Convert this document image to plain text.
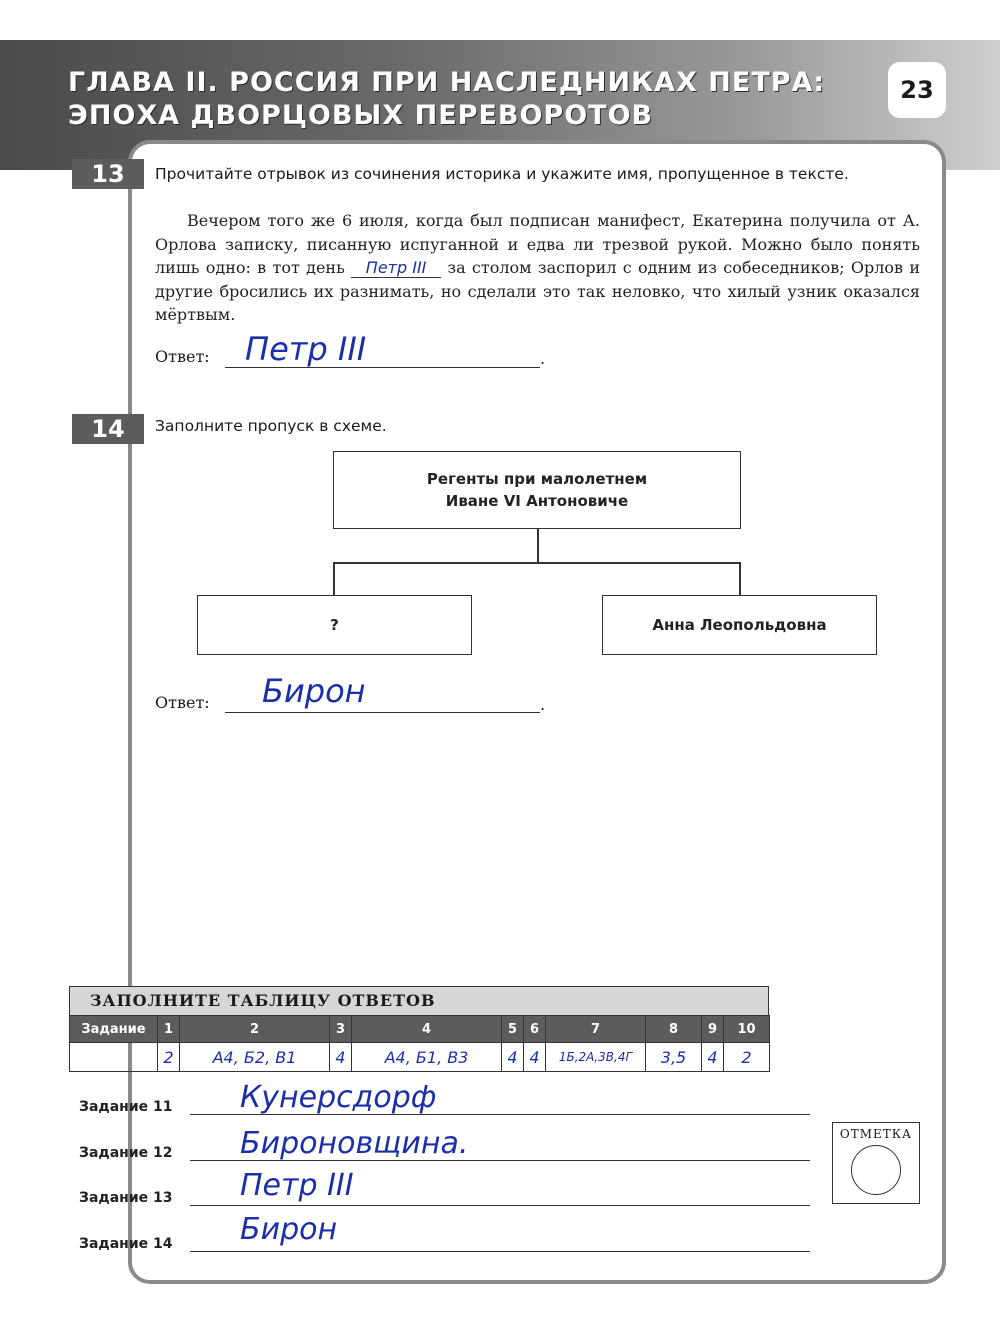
ГЛАВА II. РОССИЯ ПРИ НАСЛЕДНИКАХ ПЕТРА: ЭПОХА ДВОРЦОВЫХ ПЕРЕВОРОТОВ
23
13	Прочитайте отрывок из сочинения историка и укажите имя, пропущенное в тексте.
Вечером того же 6 июля, когда был подписан манифест, Екатерина получила от А. Орлова записку, писанную испуганной и едва ли трезвой рукой. Можно было понять лишь одно: в тот день Петр III за столом заспорил с одним из собеседников; Орлов и другие бросились их разнимать, но сделали это так неловко, что хилый узник оказался мёртвым.
Ответ:	.
Петр III
14	Заполните пропуск в схеме.
Регенты при малолетнем Иване VI Антоновиче
?	Анна Леопольдовна
Ответ:	.
Бирон
ЗАПОЛНИТЕ ТАБЛИЦУ ОТВЕТОВ
Задание	1	2	3	4	5	6	7	8	9	10
	2	А4, Б2, В1	4	А4, Б1, В3	4	4	1Б,2А,3В,4Г	3,5	4	2
Задание 11 Кунерсдорф
Задание 12 Бироновщина.
Задание 13 Петр III
Задание 14 Бирон
ОТМЕТКА
